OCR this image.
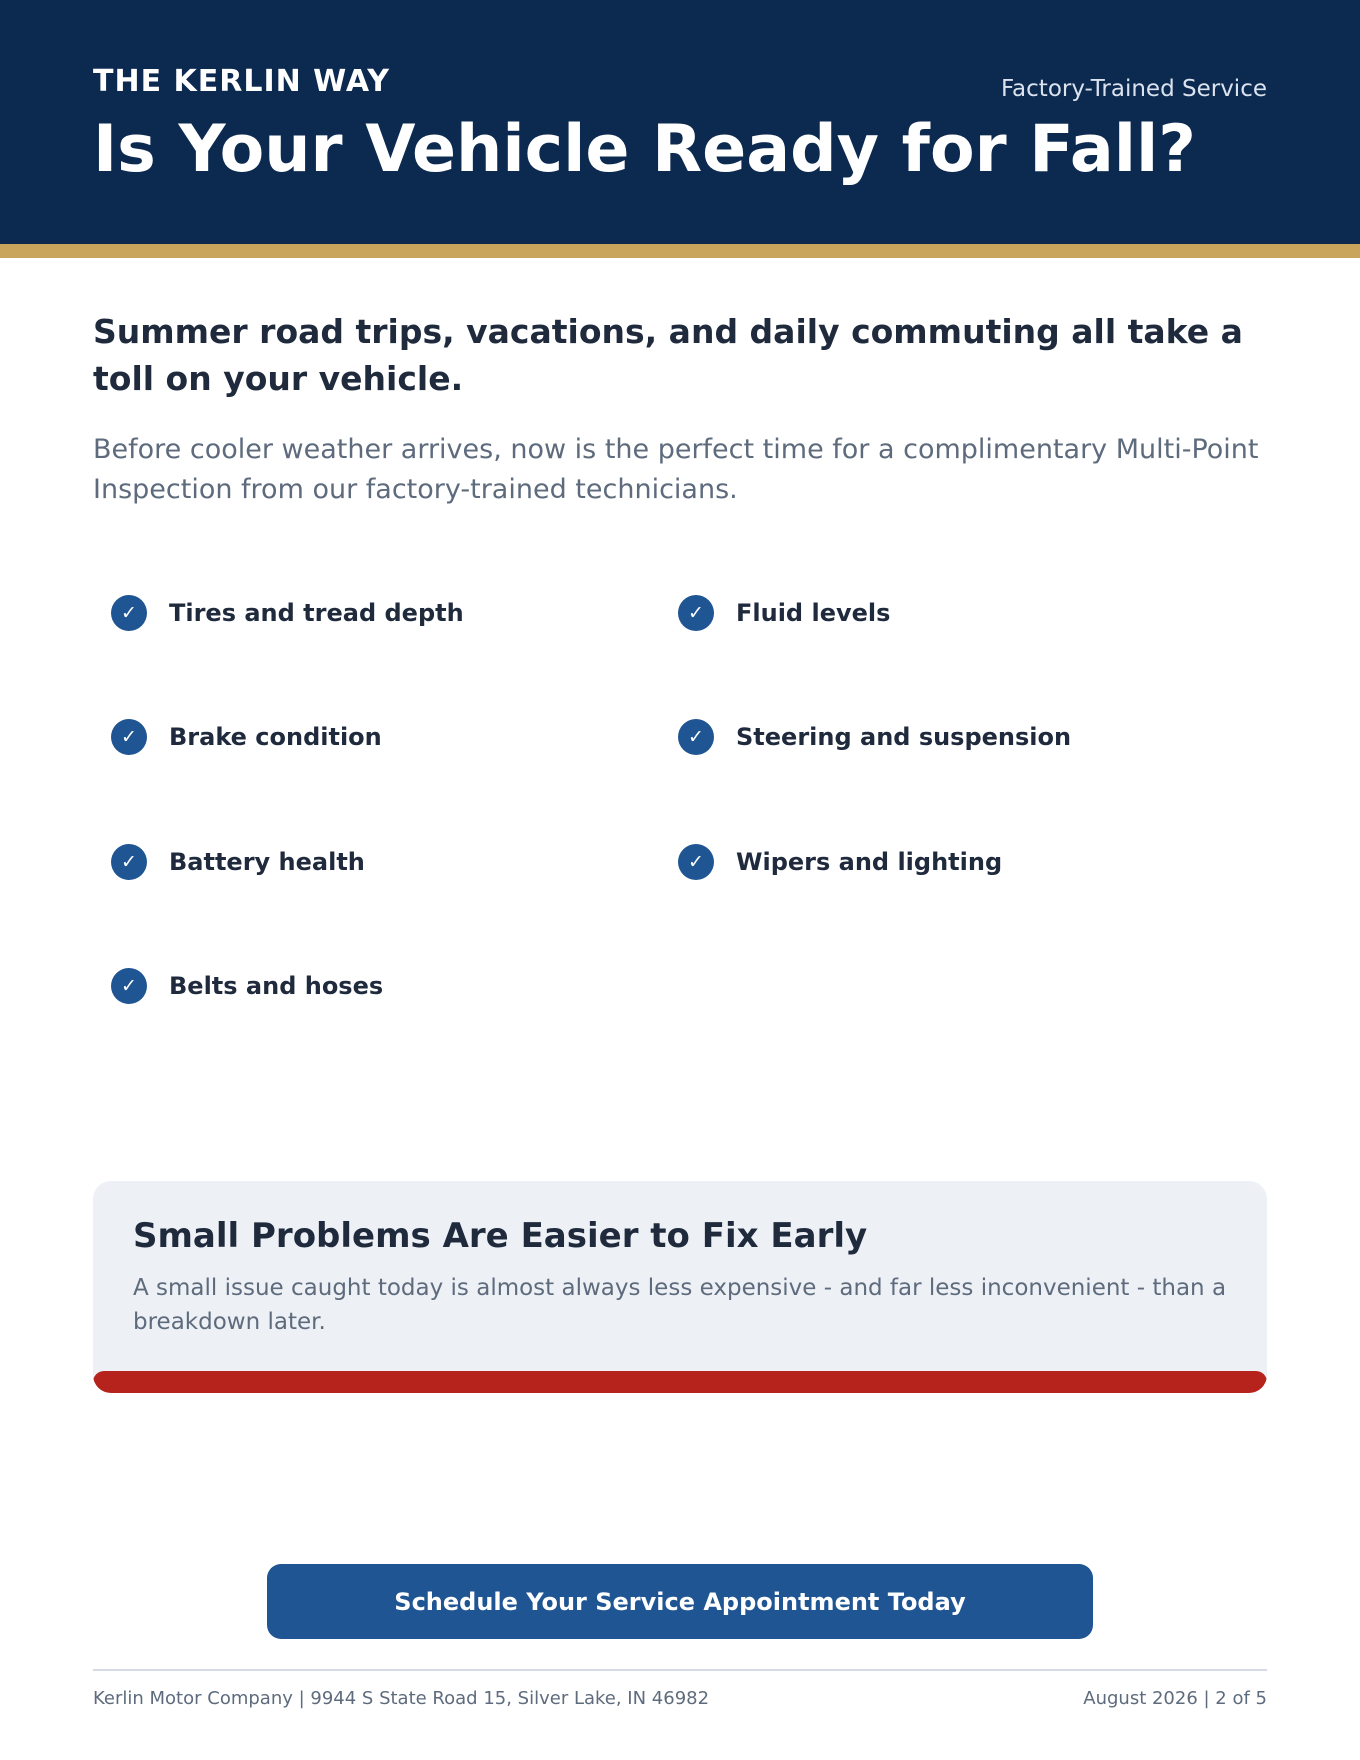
THE KERLIN WAY	Factory-Trained Service
Is Your Vehicle Ready for Fall?

Summer road trips, vacations, and daily commuting all take a toll on your vehicle.

Before cooler weather arrives, now is the perfect time for a complimentary Multi-Point Inspection from our factory-trained technicians.

✓	Tires and tread depth	✓	Fluid levels
✓	Brake condition	✓	Steering and suspension
✓	Battery health	✓	Wipers and lighting
✓	Belts and hoses
Small Problems Are Easier to Fix Early

A small issue caught today is almost always less expensive - and far less inconvenient - than a breakdown later.

Schedule Your Service Appointment Today
Kerlin Motor Company | 9944 S State Road 15, Silver Lake, IN 46982	August 2026 | 2 of 5
